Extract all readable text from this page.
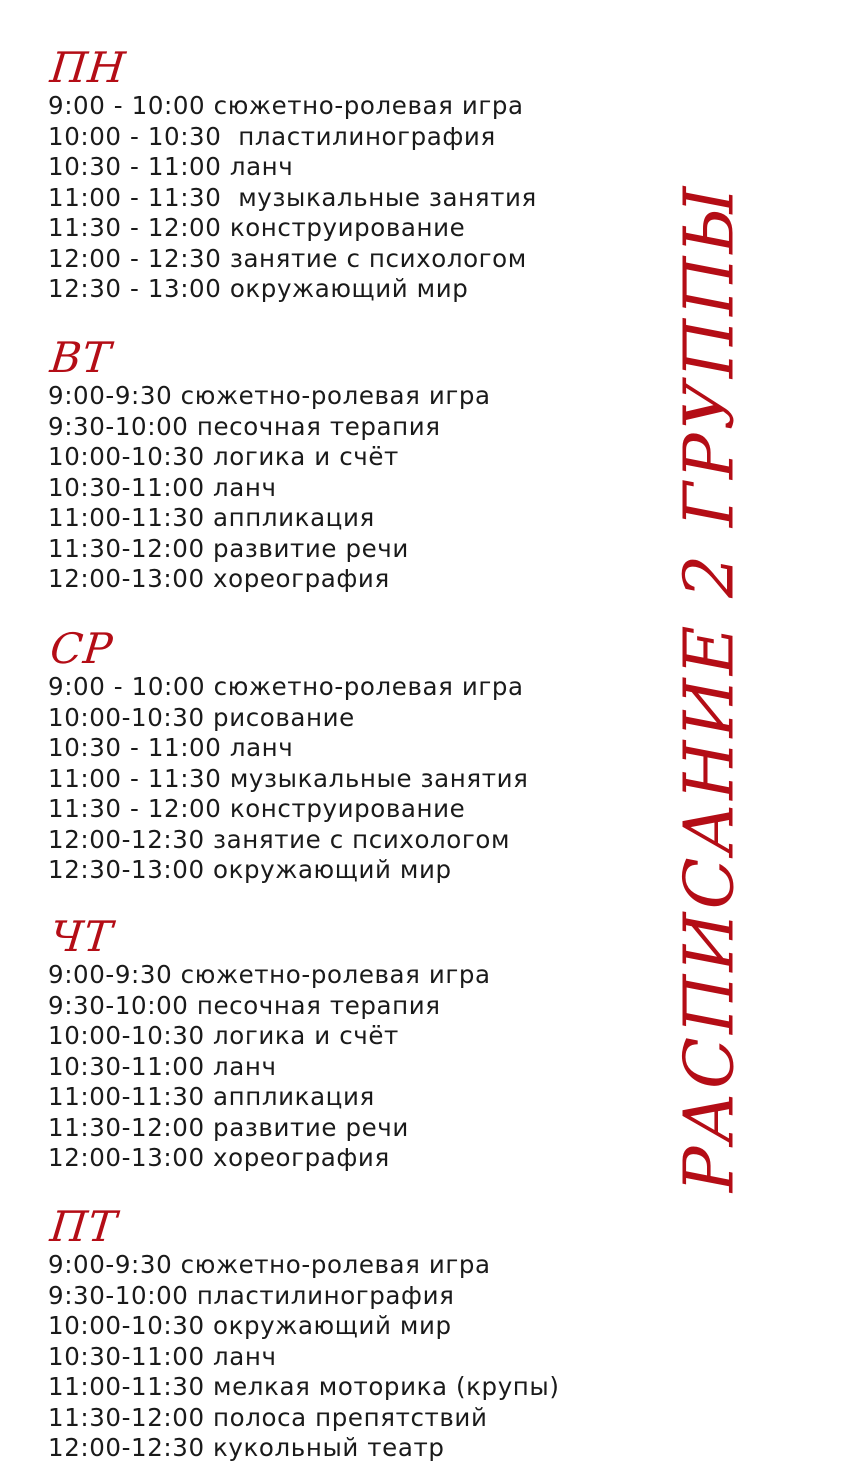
ПН
9:00 - 10:00 сюжетно-ролевая игра
10:00 - 10:30  пластилинография
10:30 - 11:00 ланч
11:00 - 11:30  музыкальные занятия
11:30 - 12:00 конструирование
12:00 - 12:30 занятие с психологом
12:30 - 13:00 окружающий мир
ВТ
9:00-9:30 сюжетно-ролевая игра
9:30-10:00 песочная терапия
10:00-10:30 логика и счёт
10:30-11:00 ланч
11:00-11:30 аппликация
11:30-12:00 развитие речи
12:00-13:00 хореография
СР
9:00 - 10:00 сюжетно-ролевая игра
10:00-10:30 рисование
10:30 - 11:00 ланч
11:00 - 11:30 музыкальные занятия
11:30 - 12:00 конструирование
12:00-12:30 занятие с психологом
12:30-13:00 окружающий мир
ЧТ
9:00-9:30 сюжетно-ролевая игра
9:30-10:00 песочная терапия
10:00-10:30 логика и счёт
10:30-11:00 ланч
11:00-11:30 аппликация
11:30-12:00 развитие речи
12:00-13:00 хореография
ПТ
9:00-9:30 сюжетно-ролевая игра
9:30-10:00 пластилинография
10:00-10:30 окружающий мир
10:30-11:00 ланч
11:00-11:30 мелкая моторика (крупы)
11:30-12:00 полоса препятствий
12:00-12:30 кукольный театр
РАСПИСАНИЕ 2 ГРУППЫ
